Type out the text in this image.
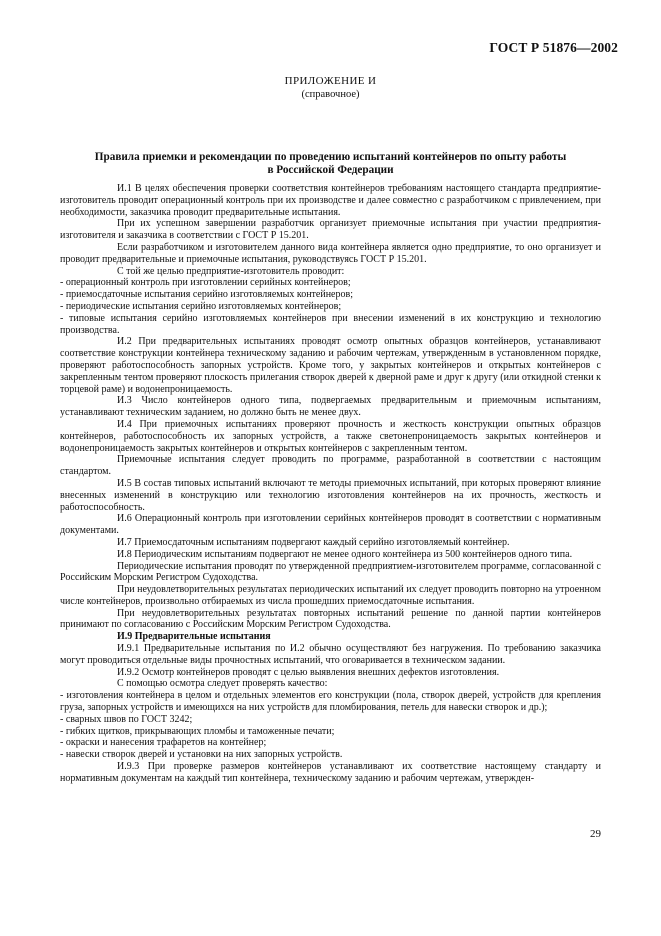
ГОСТ Р 51876—2002
ПРИЛОЖЕНИЕ И
(справочное)
Правила приемки и рекомендации по проведению испытаний контейнеров по опыту работы
в Российской Федерации

И.1 В целях обеспечения проверки соответствия контейнеров требованиям настоящего стандарта предприятие-изготовитель проводит операционный контроль при их производстве и далее совместно с разработчиком с привлечением, при необходимости, заказчика проводит предварительные испытания.

При их успешном завершении разработчик организует приемочные испытания при участии предприятия-изготовителя и заказчика в соответствии с ГОСТ Р 15.201.

Если разработчиком и изготовителем данного вида контейнера является одно предприятие, то оно организует и проводит предварительные и приемочные испытания, руководствуясь ГОСТ Р 15.201.

С той же целью предприятие-изготовитель проводит:

- операционный контроль при изготовлении серийных контейнеров;

- приемосдаточные испытания серийно изготовляемых контейнеров;

- периодические испытания серийно изготовляемых контейнеров;

- типовые испытания серийно изготовляемых контейнеров при внесении изменений в их конструкцию и технологию производства.

И.2 При предварительных испытаниях проводят осмотр опытных образцов контейнеров, устанавливают соответствие конструкции контейнера техническому заданию и рабочим чертежам, утвержденным в установленном порядке, проверяют работоспособность запорных устройств. Кроме того, у закрытых контейнеров и открытых контейнеров с закрепленным тентом проверяют плоскость прилегания створок дверей к дверной раме и друг к другу (или откидной стенки к торцевой раме) и водонепроницаемость.

И.3 Число контейнеров одного типа, подвергаемых предварительным и приемочным испытаниям, устанавливают техническим заданием, но должно быть не менее двух.

И.4 При приемочных испытаниях проверяют прочность и жесткость конструкции опытных образцов контейнеров, работоспособность их запорных устройств, а также светонепроницаемость закрытых контейнеров и водонепроницаемость закрытых контейнеров и открытых контейнеров с закрепленным тентом.

Приемочные испытания следует проводить по программе, разработанной в соответствии с настоящим стандартом.

И.5 В состав типовых испытаний включают те методы приемочных испытаний, при которых проверяют влияние внесенных изменений в конструкцию или технологию изготовления контейнеров на их прочность, жесткость и работоспособность.

И.6 Операционный контроль при изготовлении серийных контейнеров проводят в соответствии с нормативным документами.

И.7 Приемосдаточным испытаниям подвергают каждый серийно изготовляемый контейнер.

И.8 Периодическим испытаниям подвергают не менее одного контейнера из 500 контейнеров одного типа.

Периодические испытания проводят по утвержденной предприятием-изготовителем программе, согласованной с Российским Морским Регистром Судоходства.

При неудовлетворительных результатах периодических испытаний их следует проводить повторно на утроенном числе контейнеров, произвольно отбираемых из числа прошедших приемосдаточные испытания.

При неудовлетворительных результатах повторных испытаний решение по данной партии контейнеров принимают по согласованию с Российским Морским Регистром Судоходства.

И.9 Предварительные испытания

И.9.1 Предварительные испытания по И.2 обычно осуществляют без нагружения. По требованию заказчика могут проводиться отдельные виды прочностных испытаний, что оговаривается в техническом задании.

И.9.2 Осмотр контейнеров проводят с целью выявления внешних дефектов изготовления.

С помощью осмотра следует проверять качество:

- изготовления контейнера в целом и отдельных элементов его конструкции (пола, створок дверей, устройств для крепления груза, запорных устройств и имеющихся на них устройств для пломбирования, петель для навески створок и др.);

- сварных швов по ГОСТ 3242;

- гибких щитков, прикрывающих пломбы и таможенные печати;

- окраски и нанесения трафаретов на контейнер;

- навески створок дверей и установки на них запорных устройств.

И.9.3 При проверке размеров контейнеров устанавливают их соответствие настоящему стандарту и нормативным документам на каждый тип контейнера, техническому заданию и рабочим чертежам, утвержден-

29
